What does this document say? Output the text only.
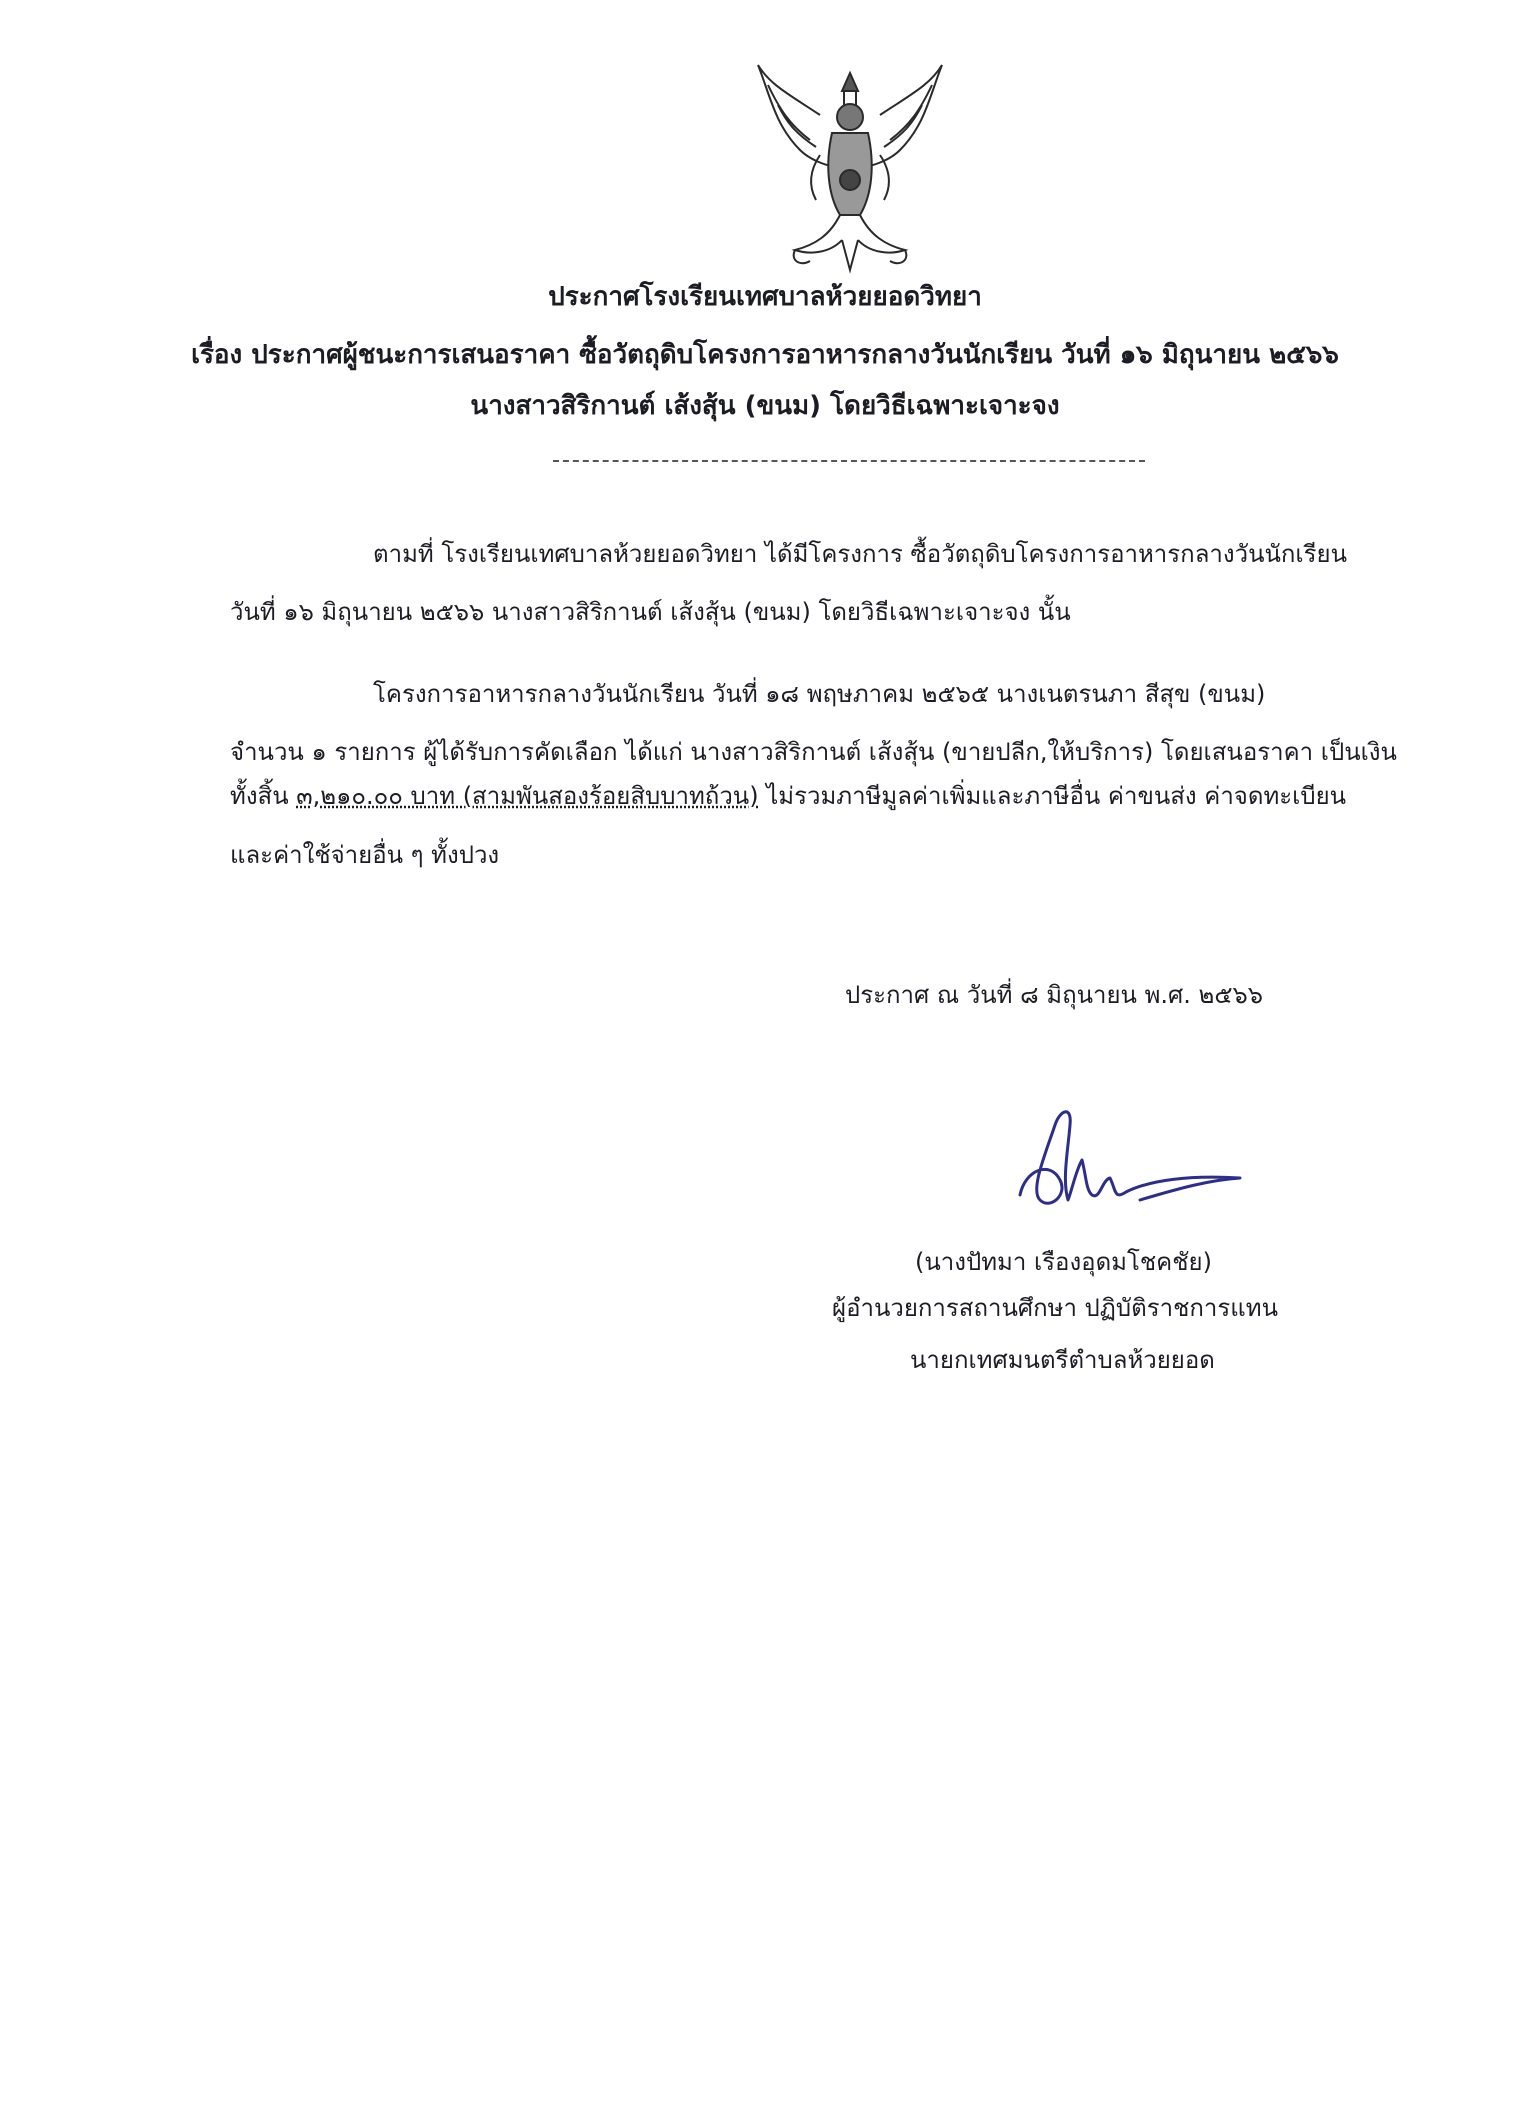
ประกาศโรงเรียนเทศบาลห้วยยอดวิทยา
เรื่อง ประกาศผู้ชนะการเสนอราคา ซื้อวัตถุดิบโครงการอาหารกลางวันนักเรียน วันที่ ๑๖ มิถุนายน ๒๕๖๖
นางสาวสิริกานต์ เส้งสุ้น (ขนม) โดยวิธีเฉพาะเจาะจง
ตามที่ โรงเรียนเทศบาลห้วยยอดวิทยา ได้มีโครงการ ซื้อวัตถุดิบโครงการอาหารกลางวันนักเรียน
วันที่ ๑๖ มิถุนายน ๒๕๖๖ นางสาวสิริกานต์ เส้งสุ้น (ขนม) โดยวิธีเฉพาะเจาะจง นั้น
โครงการอาหารกลางวันนักเรียน วันที่ ๑๘ พฤษภาคม ๒๕๖๕ นางเนตรนภา สีสุข (ขนม)
จำนวน ๑ รายการ ผู้ได้รับการคัดเลือก ได้แก่ นางสาวสิริกานต์ เส้งสุ้น (ขายปลีก,ให้บริการ) โดยเสนอราคา เป็นเงิน
ทั้งสิ้น ๓,๒๑๐.๐๐ บาท (สามพันสองร้อยสิบบาทถ้วน) ไม่รวมภาษีมูลค่าเพิ่มและภาษีอื่น ค่าขนส่ง ค่าจดทะเบียน
และค่าใช้จ่ายอื่น ๆ ทั้งปวง
ประกาศ ณ วันที่ ๘ มิถุนายน พ.ศ. ๒๕๖๖
(นางปัทมา เรืองอุดมโชคชัย)
ผู้อำนวยการสถานศึกษา ปฏิบัติราชการแทน
นายกเทศมนตรีตำบลห้วยยอด
